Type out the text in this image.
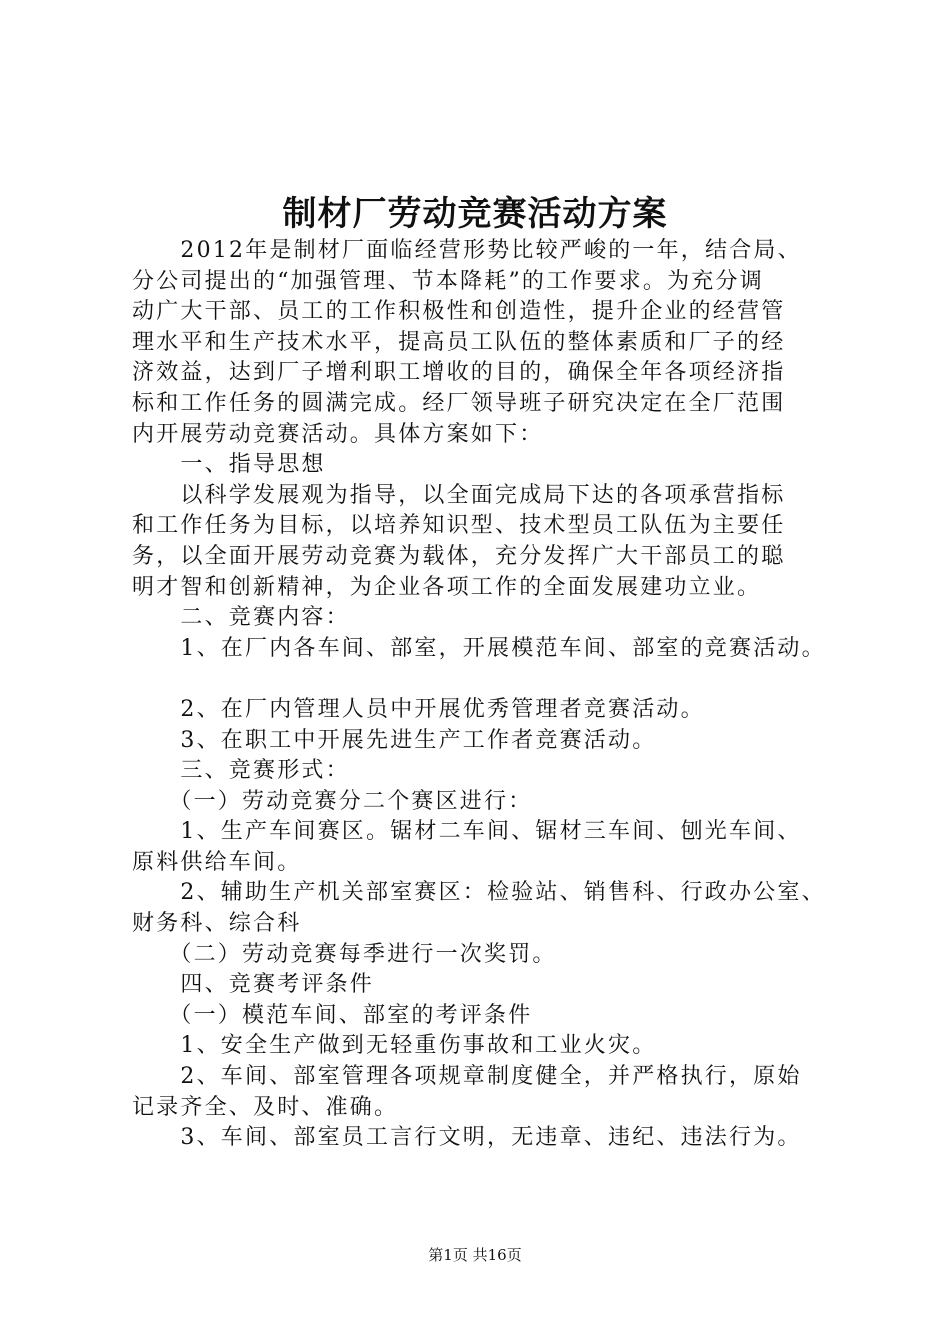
制材厂劳动竞赛活动方案
　　2012年是制材厂面临经营形势比较严峻的一年，结合局、
分公司提出的“加强管理、节本降耗”的工作要求。为充分调
动广大干部、员工的工作积极性和创造性，提升企业的经营管
理水平和生产技术水平，提高员工队伍的整体素质和厂子的经
济效益，达到厂子增利职工增收的目的，确保全年各项经济指
标和工作任务的圆满完成。经厂领导班子研究决定在全厂范围
内开展劳动竞赛活动。具体方案如下：
　　一、指导思想
　　以科学发展观为指导，以全面完成局下达的各项承营指标
和工作任务为目标，以培养知识型、技术型员工队伍为主要任
务，以全面开展劳动竞赛为载体，充分发挥广大干部员工的聪
明才智和创新精神，为企业各项工作的全面发展建功立业。
　　二、竞赛内容：
　　1、在厂内各车间、部室，开展模范车间、部室的竞赛活动。
　　2、在厂内管理人员中开展优秀管理者竞赛活动。
　　3、在职工中开展先进生产工作者竞赛活动。
　　三、竞赛形式：
　　（一）劳动竞赛分二个赛区进行：
　　1、生产车间赛区。锯材二车间、锯材三车间、刨光车间、
原料供给车间。
　　2、辅助生产机关部室赛区：检验站、销售科、行政办公室、
财务科、综合科
　　（二）劳动竞赛每季进行一次奖罚。
　　四、竞赛考评条件
　　（一）模范车间、部室的考评条件
　　1、安全生产做到无轻重伤事故和工业火灾。
　　2、车间、部室管理各项规章制度健全，并严格执行，原始
记录齐全、及时、准确。
　　3、车间、部室员工言行文明，无违章、违纪、违法行为。
第1页 共16页
